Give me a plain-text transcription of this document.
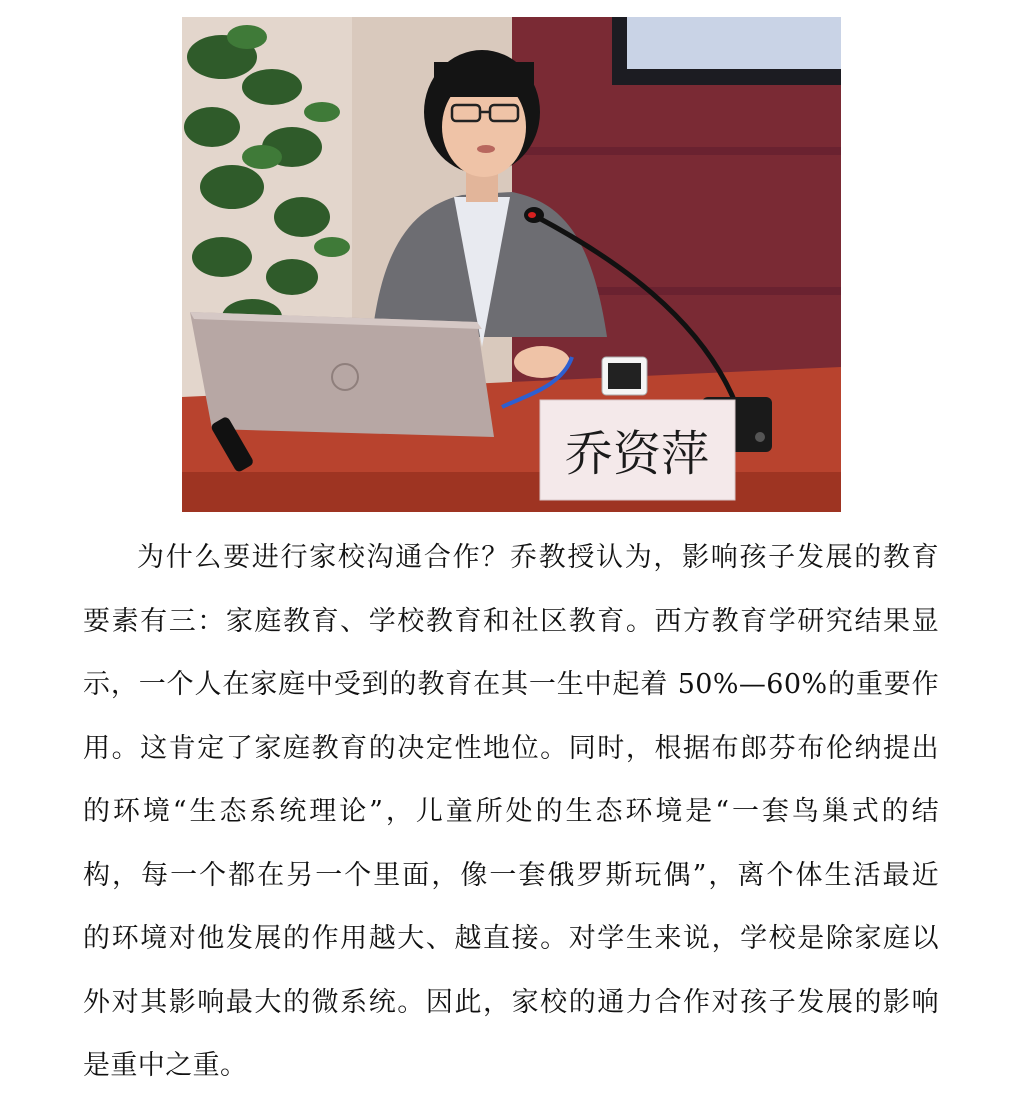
乔资萍
为什么要进行家校沟通合作？乔教授认为，影响孩子发展的教育
要素有三：家庭教育、学校教育和社区教育。西方教育学研究结果显
示，一个人在家庭中受到的教育在其一生中起着 50%—60%的重要作
用。这肯定了家庭教育的决定性地位。同时，根据布郎芬布伦纳提出
的环境“生态系统理论”，儿童所处的生态环境是“一套鸟巢式的结
构，每一个都在另一个里面，像一套俄罗斯玩偶”，离个体生活最近
的环境对他发展的作用越大、越直接。对学生来说，学校是除家庭以
外对其影响最大的微系统。因此，家校的通力合作对孩子发展的影响
是重中之重。
